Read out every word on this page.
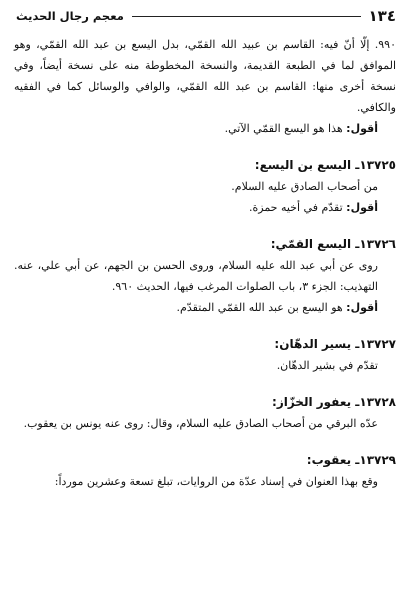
١٣٤
معجم رجال الحديث

٩٩٠. إلّا أنّ فيه: القاسم بن عبيد الله القمّي، بدل اليسع بن عبد الله القمّي، وهو الموافق لما في الطبعة القديمة، والنسخة المخطوطة منه على نسخة أيضاً، وفي نسخة أخرى منها: القاسم بن عبد الله القمّي، والوافي والوسائل كما في الفقيه والكافي.

أقول: هذا هو اليسع القمّي الآتي.

١٣٧٢٥ـ اليسع بن اليسع:

من أصحاب الصادق عليه السلام.

أقول: تقدّم في أخيه حمزة.

١٣٧٢٦ـ اليسع القمّي:

روى عن أبي عبد الله عليه السلام، وروى الحسن بن الجهم، عن أبي علي، عنه. التهذيب: الجزء ٣، باب الصلوات المرغب فيها، الحديث ٩٦٠.

أقول: هو اليسع بن عبد الله القمّي المتقدّم.

١٣٧٢٧ـ يسير الدهّان:

تقدّم في بشير الدهّان.

١٣٧٢٨ـ يعفور الخزّاز:

عدّه البرقي من أصحاب الصادق عليه السلام، وقال: روى عنه يونس بن يعقوب.

١٣٧٢٩ـ يعقوب:

وقع بهذا العنوان في إسناد عدّة من الروايات، تبلغ تسعة وعشرين مورداً:
